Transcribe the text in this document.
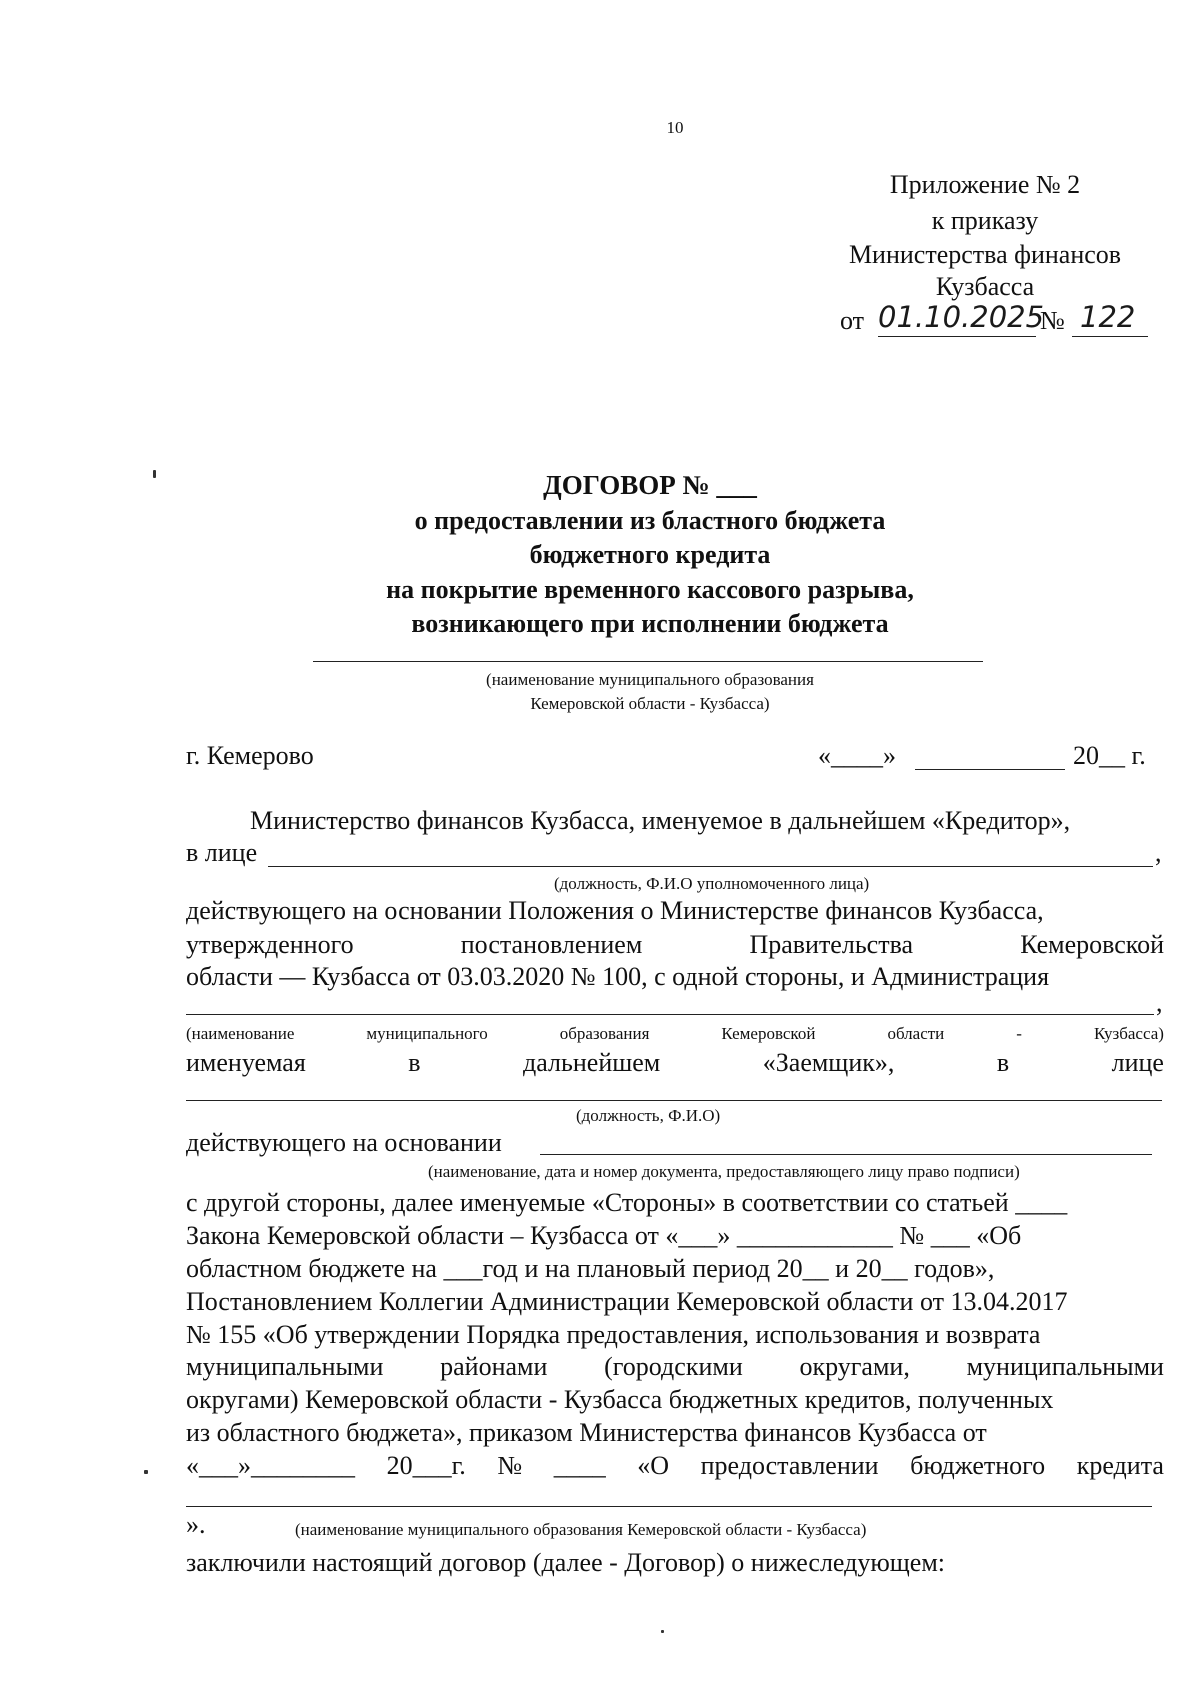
10
Приложение № 2
к приказу
Министерства финансов
Кузбасса
от 01.10.2025
№ 122
ДОГОВОР № ___
о предоставлении из бластного бюджета
бюджетного кредита
на покрытие временного кассового разрыва,
возникающего при исполнении бюджета
(наименование муниципального образования
Кемеровской области - Кузбасса)
г. Кемерово	«____»	20__ г.
Министерство финансов Кузбасса, именуемое в дальнейшем «Кредитор»,
в лице	,
(должность, Ф.И.О уполномоченного лица)
действующего на основании Положения о Министерстве финансов Кузбасса,
утвержденного	постановлением	Правительства	Кемеровской
области — Кузбасса от 03.03.2020 № 100, с одной стороны, и Администрация
,
(наименование	муниципального	образования	Кемеровской	области	-	Кузбасса)
именуемая	в	дальнейшем	«Заемщик»,	в	лице
(должность, Ф.И.О)
действующего на основании
(наименование, дата и номер документа, предоставляющего лицу право подписи)
с другой стороны, далее именуемые «Стороны» в соответствии со статьей ____
Закона Кемеровской области – Кузбасса от «___» ____________ № ___ «Об
областном бюджете на ___год и на плановый период 20__ и 20__ годов»,
Постановлением Коллегии Администрации Кемеровской области от 13.04.2017
№ 155 «Об утверждении Порядка предоставления, использования и возврата
муниципальными районами (городскими округами, муниципальными
округами) Кемеровской области - Кузбасса бюджетных кредитов, полученных
из областного бюджета», приказом Министерства финансов Кузбасса от
«___»________ 20___г. № ____ «О предоставлении бюджетного кредита
».	(наименование муниципального образования Кемеровской области - Кузбасса)
заключили настоящий договор (далее - Договор) о нижеследующем:
